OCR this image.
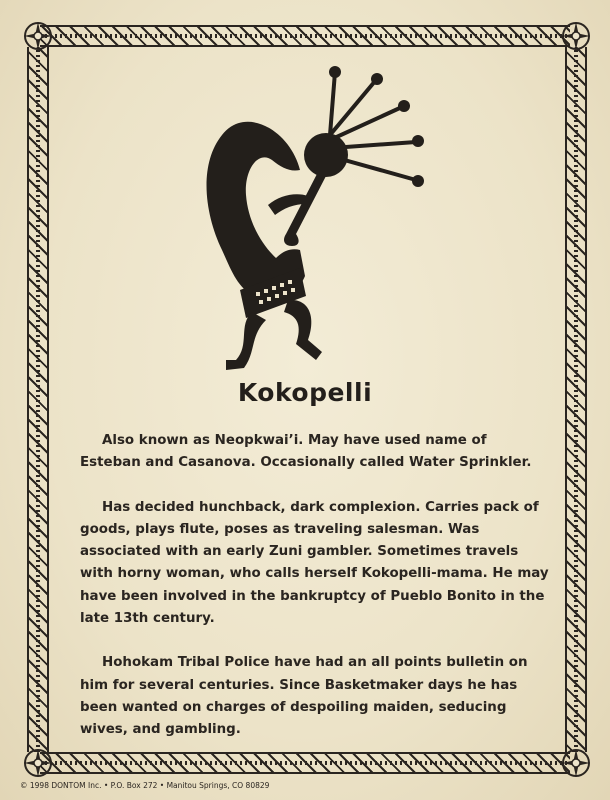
Kokopelli

Also known as Neopkwai’i. May have used name of Esteban and Casanova. Occasionally called Water Sprinkler.

Has decided hunchback, dark complexion. Carries pack of goods, plays flute, poses as traveling salesman. Was associated with an early Zuni gambler. Sometimes travels with horny woman, who calls herself Kokopelli-mama. He may have been involved in the bankruptcy of Pueblo Bonito in the late 13th century.

Hohokam Tribal Police have had an all points bulletin on him for several centuries. Since Basketmaker days he has been wanted on charges of despoiling maiden, seducing wives, and gambling.

© 1998 DONTOM Inc. • P.O. Box 272 • Manitou Springs, CO 80829
